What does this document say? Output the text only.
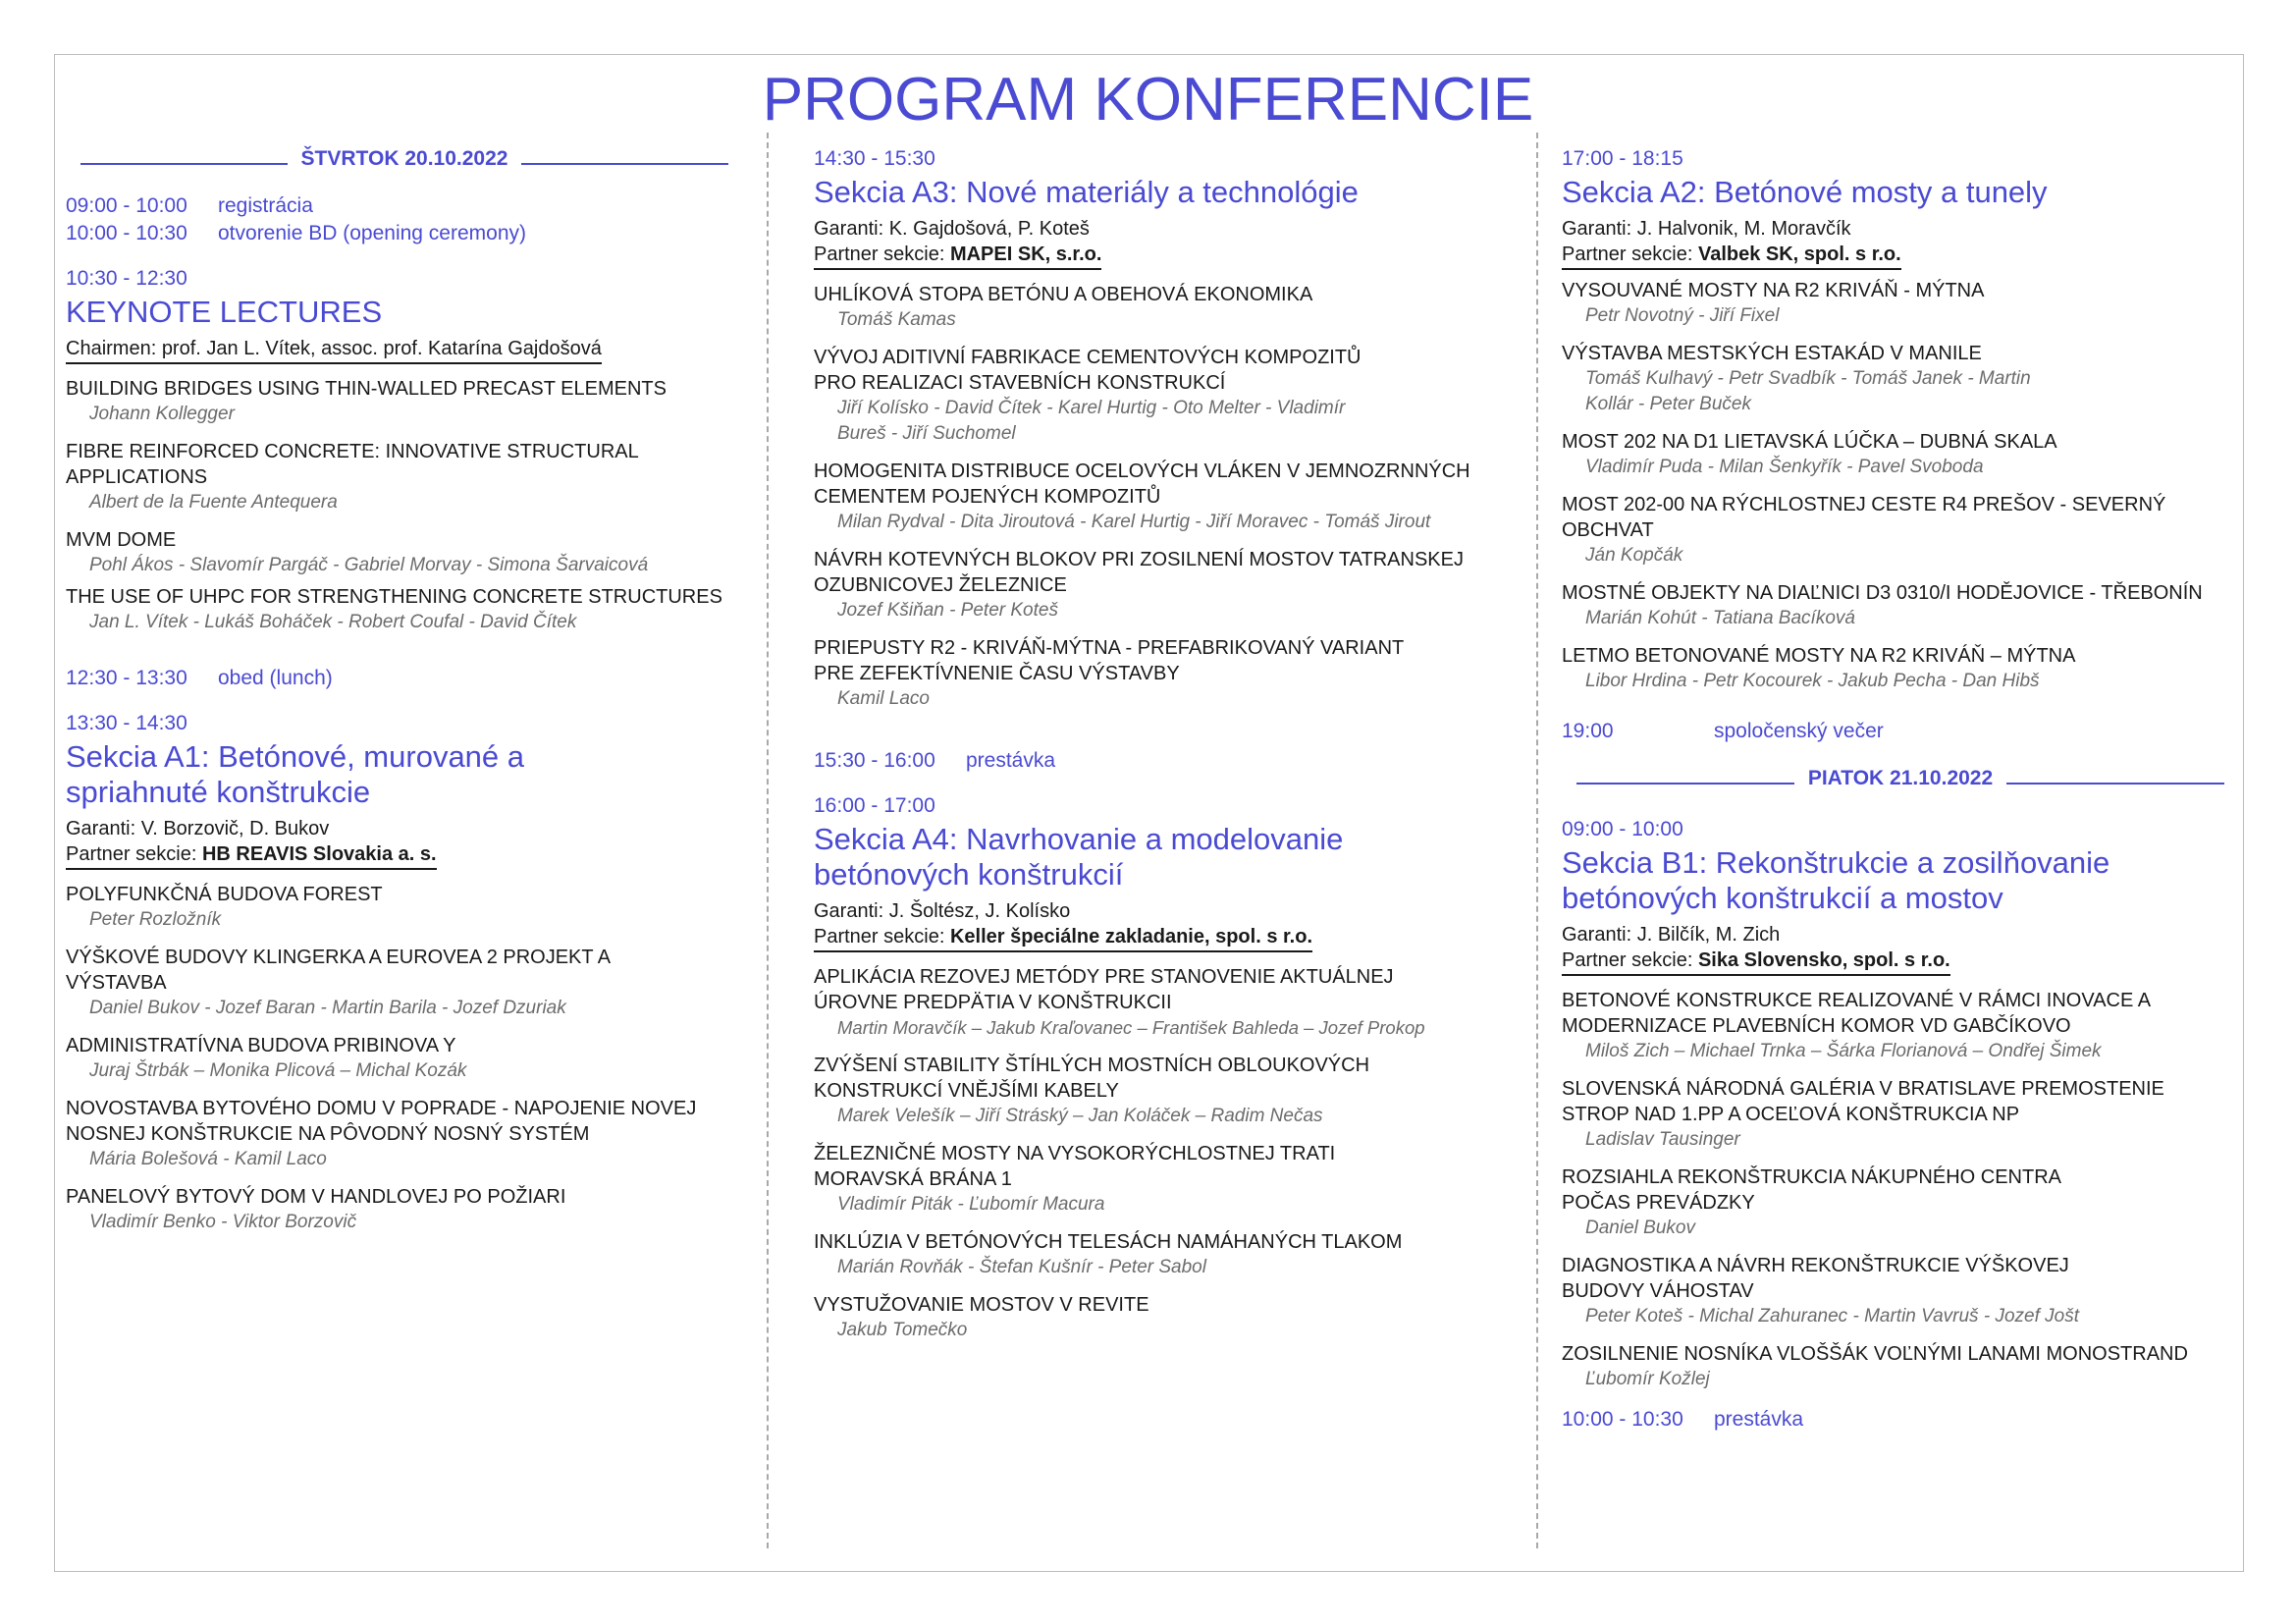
PROGRAM KONFERENCIE
ŠTVRTOK 20.10.2022
09:00 - 10:00	registrácia
10:00 - 10:30	otvorenie BD (opening ceremony)
10:30 - 12:30
KEYNOTE LECTURES
Chairmen: prof. Jan L. Vítek, assoc. prof. Katarína Gajdošová
BUILDING BRIDGES USING THIN-WALLED PRECAST ELEMENTS
Johann Kollegger
FIBRE REINFORCED CONCRETE: INNOVATIVE STRUCTURAL APPLICATIONS
Albert de la Fuente Antequera
MVM DOME
Pohl Ákos - Slavomír Pargáč - Gabriel Morvay - Simona Šarvaicová
THE USE OF UHPC FOR STRENGTHENING CONCRETE STRUCTURES
Jan L. Vítek - Lukáš Boháček - Robert Coufal - David Čítek
12:30 - 13:30	obed (lunch)
13:30 - 14:30
Sekcia A1: Betónové, murované a spriahnuté konštrukcie
Garanti: V. Borzovič, D. Bukov
Partner sekcie: HB REAVIS Slovakia a. s.
POLYFUNKČNÁ BUDOVA FOREST
Peter Rozložník
VÝŠKOVÉ BUDOVY KLINGERKA A EUROVEA 2 PROJEKT A VÝSTAVBA
Daniel Bukov - Jozef Baran - Martin Barila - Jozef Dzuriak
ADMINISTRATÍVNA BUDOVA PRIBINOVA Y
Juraj Štrbák – Monika Plicová – Michal Kozák
NOVOSTAVBA BYTOVÉHO DOMU V POPRADE - NAPOJENIE NOVEJ NOSNEJ KONŠTRUKCIE NA PÔVODNÝ NOSNÝ SYSTÉM
Mária Bolešová - Kamil Laco
PANELOVÝ BYTOVÝ DOM V HANDLOVEJ PO POŽIARI
Vladimír Benko - Viktor Borzovič
14:30 - 15:30
Sekcia A3: Nové materiály a technológie
Garanti: K. Gajdošová, P. Koteš
Partner sekcie: MAPEI SK, s.r.o.
UHLÍKOVÁ STOPA BETÓNU A OBEHOVÁ EKONOMIKA
Tomáš Kamas
VÝVOJ ADITIVNÍ FABRIKACE CEMENTOVÝCH KOMPOZITŮ PRO REALIZACI STAVEBNÍCH KONSTRUKCÍ
Jiří Kolísko - David Čítek - Karel Hurtig - Oto Melter - Vladimír Bureš - Jiří Suchomel
HOMOGENITA DISTRIBUCE OCELOVÝCH VLÁKEN V JEMNOZRNNÝCH CEMENTEM POJENÝCH KOMPOZITŮ
Milan Rydval - Dita Jiroutová - Karel Hurtig - Jiří Moravec - Tomáš Jirout
NÁVRH KOTEVNÝCH BLOKOV PRI ZOSILNENÍ MOSTOV TATRANSKEJ OZUBNICOVEJ ŽELEZNICE
Jozef Kšiňan - Peter Koteš
PRIEPUSTY R2 - KRIVÁŇ-MÝTNA - PREFABRIKOVANÝ VARIANT PRE ZEFEKTÍVNENIE ČASU VÝSTAVBY
Kamil Laco
15:30 - 16:00	prestávka
16:00 - 17:00
Sekcia A4: Navrhovanie a modelovanie betónových konštrukcií
Garanti: J. Šoltész, J. Kolísko
Partner sekcie: Keller špeciálne zakladanie, spol. s r.o.
APLIKÁCIA REZOVEJ METÓDY PRE STANOVENIE AKTUÁLNEJ ÚROVNE PREDPÄTIA V KONŠTRUKCII
Martin Moravčík – Jakub Kraľovanec – František Bahleda – Jozef Prokop
ZVÝŠENÍ STABILITY ŠTÍHLÝCH MOSTNÍCH OBLOUKOVÝCH KONSTRUKCÍ VNĚJŠÍMI KABELY
Marek Velešík – Jiří Stráský – Jan Koláček – Radim Nečas
ŽELEZNIČNÉ MOSTY NA VYSOKORÝCHLOSTNEJ TRATI MORAVSKÁ BRÁNA 1
Vladimír Piták - Ľubomír Macura
INKLÚZIA V BETÓNOVÝCH TELESÁCH NAMÁHANÝCH TLAKOM
Marián Rovňák - Štefan Kušnír - Peter Sabol
VYSTUŽOVANIE MOSTOV V REVITE
Jakub Tomečko
17:00 - 18:15
Sekcia A2: Betónové mosty a tunely
Garanti: J. Halvonik, M. Moravčík
Partner sekcie: Valbek SK, spol. s r.o.
VYSOUVANÉ MOSTY NA R2 KRIVÁŇ - MÝTNA
Petr Novotný - Jiří Fixel
VÝSTAVBA MESTSKÝCH ESTAKÁD V MANILE
Tomáš Kulhavý - Petr Svadbík - Tomáš Janek - Martin Kollár - Peter Buček
MOST 202 NA D1 LIETAVSKÁ LÚČKA – DUBNÁ SKALA
Vladimír Puda - Milan Šenkyřík - Pavel Svoboda
MOST 202-00 NA RÝCHLOSTNEJ CESTE R4 PREŠOV - SEVERNÝ OBCHVAT
Ján Kopčák
MOSTNÉ OBJEKTY NA DIAĽNICI D3 0310/I HODĚJOVICE - TŘEBONÍN
Marián Kohút - Tatiana Bacíková
LETMO BETONOVANÉ MOSTY NA R2 KRIVÁŇ – MÝTNA
Libor Hrdina - Petr Kocourek - Jakub Pecha - Dan Hibš
19:00	spoločenský večer
PIATOK 21.10.2022
09:00 - 10:00
Sekcia B1: Rekonštrukcie a zosilňovanie betónových konštrukcií a mostov
Garanti: J. Bilčík, M. Zich
Partner sekcie: Sika Slovensko, spol. s r.o.
BETONOVÉ KONSTRUKCE REALIZOVANÉ V RÁMCI INOVACE A MODERNIZACE PLAVEBNÍCH KOMOR VD GABČÍKOVO
Miloš Zich – Michael Trnka – Šárka Florianová – Ondřej Šimek
SLOVENSKÁ NÁRODNÁ GALÉRIA V BRATISLAVE PREMOSTENIE STROP NAD 1.PP A OCEĽOVÁ KONŠTRUKCIA NP
Ladislav Tausinger
ROZSIAHLA REKONŠTRUKCIA NÁKUPNÉHO CENTRA POČAS PREVÁDZKY
Daniel Bukov
DIAGNOSTIKA A NÁVRH REKONŠTRUKCIE VÝŠKOVEJ BUDOVY VÁHOSTAV
Peter Koteš - Michal Zahuranec - Martin Vavruš - Jozef Jošt
ZOSILNENIE NOSNÍKA VLOŠŠÁK VOĽNÝMI LANAMI MONOSTRAND
Ľubomír Kožlej
10:00 - 10:30	prestávka
